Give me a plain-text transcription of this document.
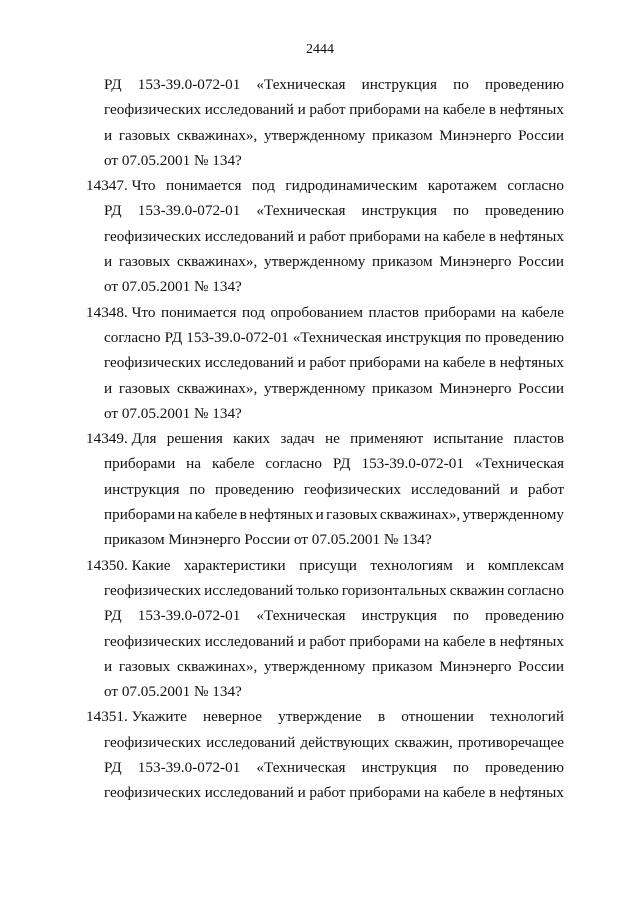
2444
РД 153-39.0-072-01 «Техническая инструкция по проведению
геофизических исследований и работ приборами на кабеле в нефтяных
и газовых скважинах», утвержденному приказом Минэнерго России
от 07.05.2001 № 134?
14347. Что понимается под гидродинамическим каротажем согласно
РД 153-39.0-072-01 «Техническая инструкция по проведению
геофизических исследований и работ приборами на кабеле в нефтяных
и газовых скважинах», утвержденному приказом Минэнерго России
от 07.05.2001 № 134?
14348. Что понимается под опробованием пластов приборами на кабеле
согласно РД 153-39.0-072-01 «Техническая инструкция по проведению
геофизических исследований и работ приборами на кабеле в нефтяных
и газовых скважинах», утвержденному приказом Минэнерго России
от 07.05.2001 № 134?
14349. Для решения каких задач не применяют испытание пластов
приборами на кабеле согласно РД 153-39.0-072-01 «Техническая
инструкция по проведению геофизических исследований и работ
приборами на кабеле в нефтяных и газовых скважинах», утвержденному
приказом Минэнерго России от 07.05.2001 № 134?
14350. Какие характеристики присущи технологиям и комплексам
геофизических исследований только горизонтальных скважин согласно
РД 153-39.0-072-01 «Техническая инструкция по проведению
геофизических исследований и работ приборами на кабеле в нефтяных
и газовых скважинах», утвержденному приказом Минэнерго России
от 07.05.2001 № 134?
14351. Укажите неверное утверждение в отношении технологий
геофизических исследований действующих скважин, противоречащее
РД 153-39.0-072-01 «Техническая инструкция по проведению
геофизических исследований и работ приборами на кабеле в нефтяных
